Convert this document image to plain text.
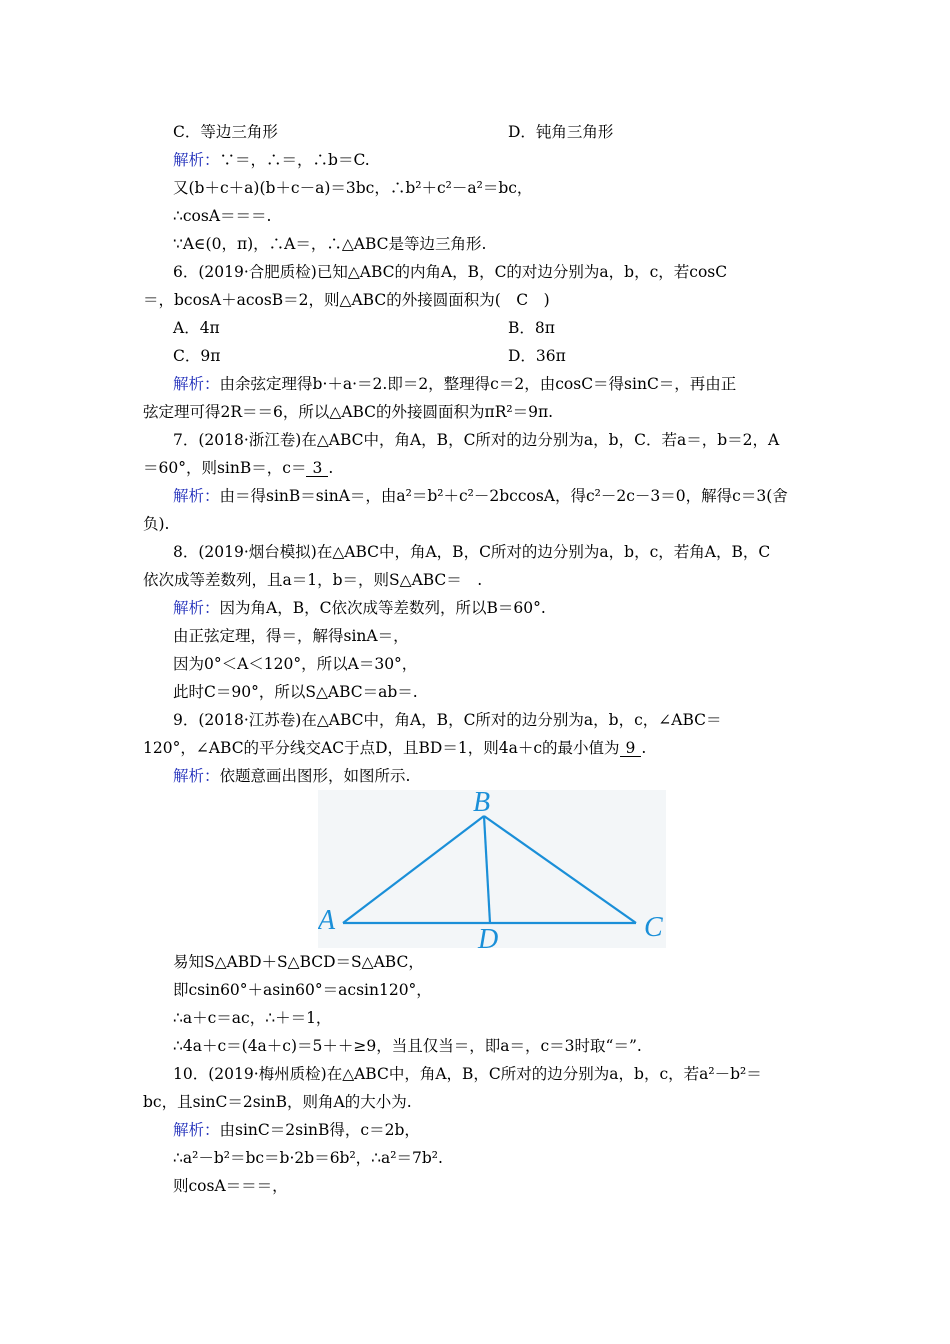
C．等边三角形	D．钝角三角形
解析：∵＝，∴＝，∴b＝C.
又(b＋c＋a)(b＋c－a)＝3bc，∴b²＋c²－a²＝bc，
∴cosA＝＝＝.
∵A∈(0，π)，∴A＝，∴△ABC是等边三角形.
6．(2019·合肥质检)已知△ABC的内角A，B，C的对边分别为a，b，c，若cosC
＝，bcosA＋acosB＝2，则△ABC的外接圆面积为(　C　)
A．4π	B．8π
C．9π	D．36π
解析：由余弦定理得b·＋a·＝2.即＝2，整理得c＝2，由cosC＝得sinC＝，再由正
弦定理可得2R＝＝6，所以△ABC的外接圆面积为πR²＝9π.
7．(2018·浙江卷)在△ABC中，角A，B，C所对的边分别为a，b，C．若a＝，b＝2，A
＝60°，则sinB＝，c＝ 3 .
解析：由＝得sinB＝sinA＝，由a²＝b²＋c²－2bccosA，得c²－2c－3＝0，解得c＝3(舍
负).
8．(2019·烟台模拟)在△ABC中，角A，B，C所对的边分别为a，b，c，若角A，B，C
依次成等差数列，且a＝1，b＝，则S△ABC＝　.
解析：因为角A，B，C依次成等差数列，所以B＝60°.
由正弦定理，得＝，解得sinA＝，
因为0°＜A＜120°，所以A＝30°，
此时C＝90°，所以S△ABC＝ab＝.
9．(2018·江苏卷)在△ABC中，角A，B，C所对的边分别为a，b，c，∠ABC＝
120°，∠ABC的平分线交AC于点D，且BD＝1，则4a＋c的最小值为 9 .
解析：依题意画出图形，如图所示.
B
A
D	C
易知S△ABD＋S△BCD＝S△ABC，
即csin60°＋asin60°＝acsin120°，
∴a＋c＝ac，∴＋＝1，
∴4a＋c＝(4a＋c)＝5＋＋≥9，当且仅当＝，即a＝，c＝3时取“＝”.
10．(2019·梅州质检)在△ABC中，角A，B，C所对的边分别为a，b，c，若a²－b²＝
bc，且sinC＝2sinB，则角A的大小为.
解析：由sinC＝2sinB得，c＝2b，
∴a²－b²＝bc＝b·2b＝6b²，∴a²＝7b².
则cosA＝＝＝，
